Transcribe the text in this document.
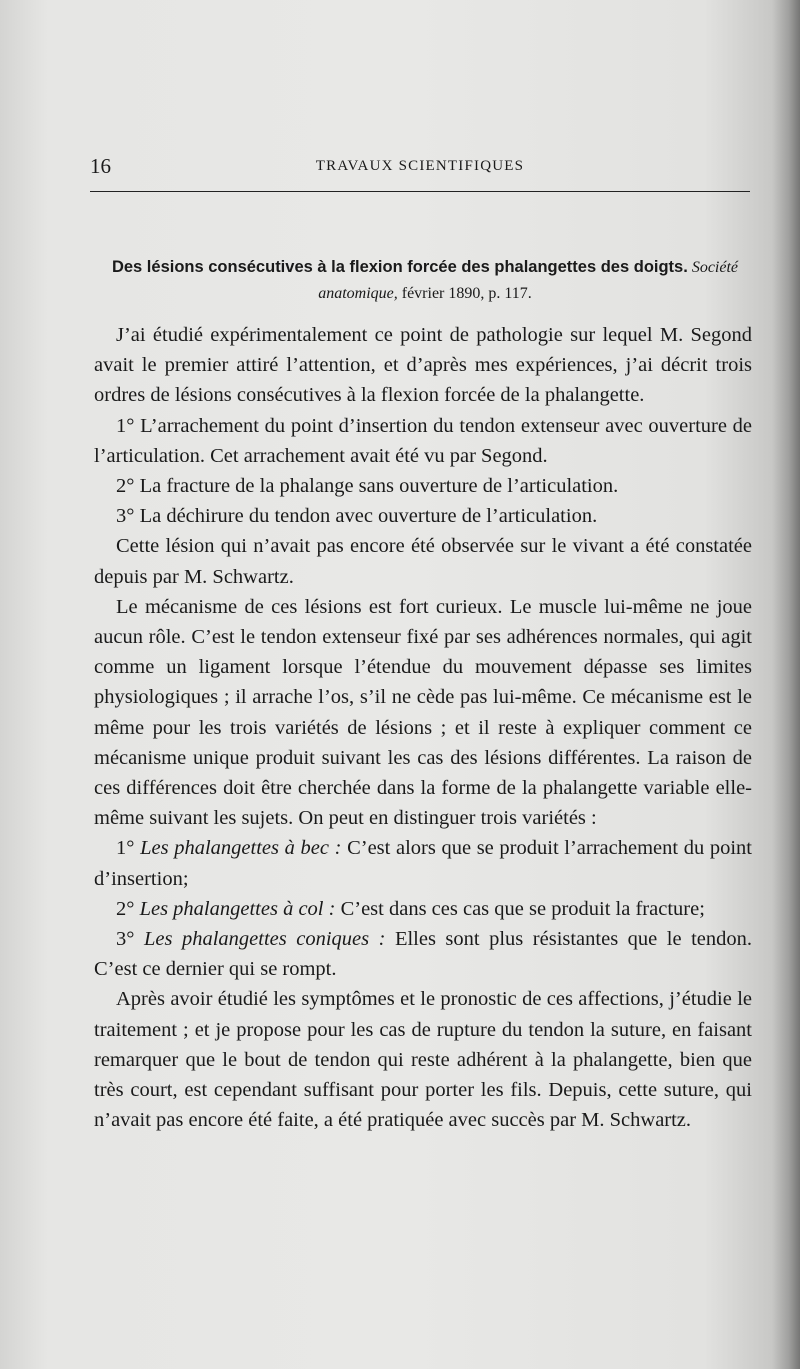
16	TRAVAUX SCIENTIFIQUES
Des lésions consécutives à la flexion forcée des phalangettes des doigts. Société anatomique, février 1890, p. 117.

J’ai étudié expérimentalement ce point de pathologie sur lequel M. Segond avait le premier attiré l’attention, et d’après mes expériences, j’ai décrit trois ordres de lésions consécutives à la flexion forcée de la phalangette.

1° L’arrachement du point d’insertion du tendon extenseur avec ouverture de l’articulation. Cet arrachement avait été vu par Segond.

2° La fracture de la phalange sans ouverture de l’articulation.

3° La déchirure du tendon avec ouverture de l’articulation.

Cette lésion qui n’avait pas encore été observée sur le vivant a été constatée depuis par M. Schwartz.

Le mécanisme de ces lésions est fort curieux. Le muscle lui-même ne joue aucun rôle. C’est le tendon extenseur fixé par ses adhérences normales, qui agit comme un ligament lorsque l’étendue du mouvement dépasse ses limites physiologiques ; il arrache l’os, s’il ne cède pas lui-même. Ce mécanisme est le même pour les trois variétés de lésions ; et il reste à expliquer comment ce mécanisme unique produit suivant les cas des lésions différentes. La raison de ces différences doit être cherchée dans la forme de la phalangette variable elle-même suivant les sujets. On peut en distinguer trois variétés :

1° Les phalangettes à bec : C’est alors que se produit l’arrachement du point d’insertion;

2° Les phalangettes à col : C’est dans ces cas que se produit la fracture;

3° Les phalangettes coniques : Elles sont plus résistantes que le tendon. C’est ce dernier qui se rompt.

Après avoir étudié les symptômes et le pronostic de ces affections, j’étudie le traitement ; et je propose pour les cas de rupture du tendon la suture, en faisant remarquer que le bout de tendon qui reste adhérent à la phalangette, bien que très court, est cependant suffisant pour porter les fils. Depuis, cette suture, qui n’avait pas encore été faite, a été pratiquée avec succès par M. Schwartz.
